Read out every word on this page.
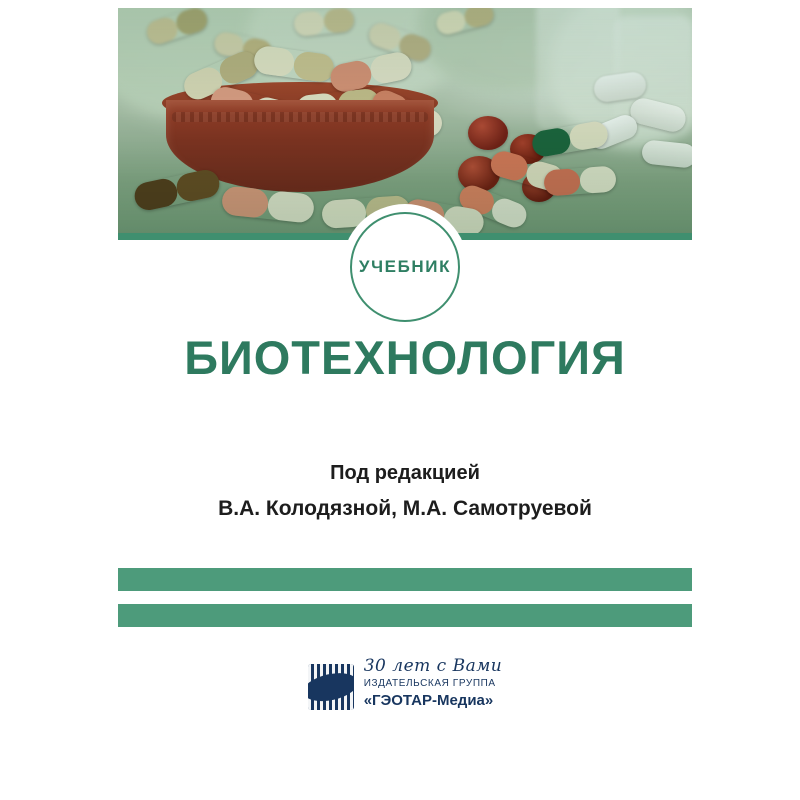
УЧЕБНИК
БИОТЕХНОЛОГИЯ
Под редакцией
В.А. Колодязной, М.А. Самотруевой
30 лет с Вами
ИЗДАТЕЛЬСКАЯ ГРУППА
«ГЭОТАР-Медиа»
